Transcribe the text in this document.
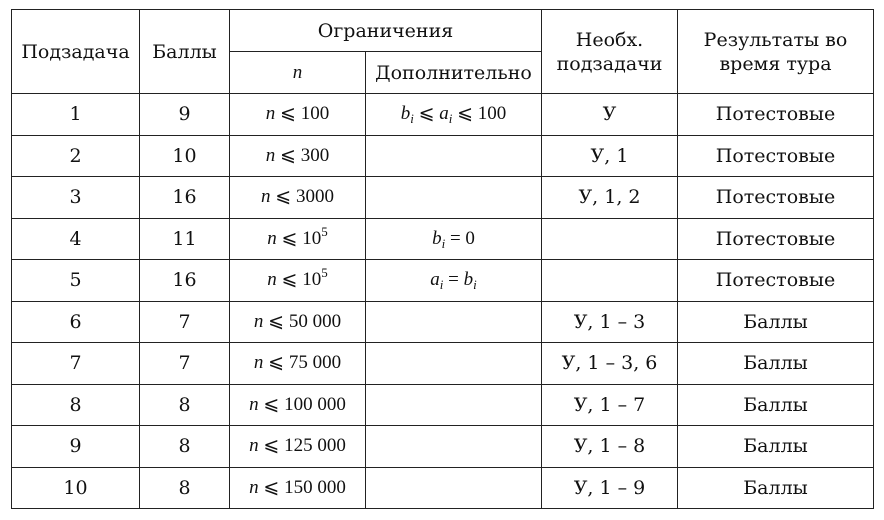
Подзадача	Баллы	Ограничения		Необх. подзадачи	Результаты во время тура
		n	Дополнительно		
1	9	n ⩽ 100	$b_i$ ⩽ $a_i$ ⩽ 100	У	Потестовые
2	10	n ⩽ 300		У, 1	Потестовые
3	16	n ⩽ 3000		У, 1, 2	Потестовые
4	11	n ⩽ $10^5$	$b_i = 0$		Потестовые
5	16	n ⩽ $10^5$	$a_i = b_i$		Потестовые
6	7	n ⩽ 50 000		У, 1 – 3	Баллы
7	7	n ⩽ 75 000		У, 1 – 3, 6	Баллы
8	8	n ⩽ 100 000		У, 1 – 7	Баллы
9	8	n ⩽ 125 000		У, 1 – 8	Баллы
10	8	n ⩽ 150 000		У, 1 – 9	Баллы
